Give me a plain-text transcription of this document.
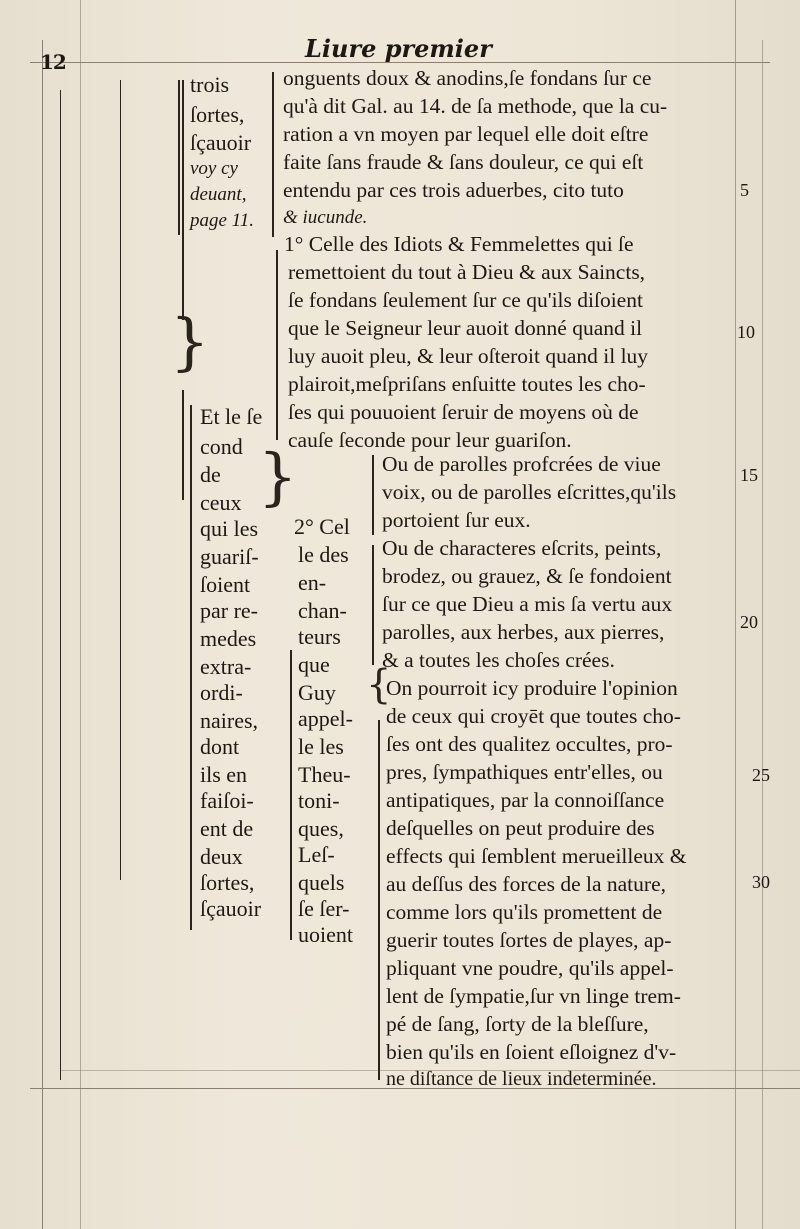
}
12	Liure premier
trois
ſortes,
ſçauoir
voy cy
deuant,
page 11.
onguents doux & anodins,ſe fondans ſur ce
qu'à dit Gal. au 14. de ſa methode, que la cu-
ration a vn moyen par lequel elle doit eſtre
faite ſans fraude & ſans douleur, ce qui eſt
entendu par ces trois aduerbes, cito tuto
& iucunde.
1° Celle des Idiots & Femmelettes qui ſe
remettoient du tout à Dieu & aux Saincts,
ſe fondans ſeulement ſur ce qu'ils diſoient
que le Seigneur leur auoit donné quand il
luy auoit pleu, & leur oſteroit quand il luy
plairoit,meſpriſans enſuitte toutes les cho-
ſes qui pouuoient ſeruir de moyens où de
cauſe ſeconde pour leur guariſon.
Et le ſe
cond
de
ceux
qui les
guariſ-
ſoient
par re-
medes
extra-
ordi-
naires,
dont
ils en
faiſoi-
ent de
deux
ſortes,
ſçauoir
}
2° Cel
le des
en-
chan-
teurs
que
Guy
appel-
le les
Theu-
toni-
ques,
Leſ-
quels
ſe ſer-
uoient
{
Ou de parolles profcrées de viue
voix, ou de parolles eſcrittes,qu'ils
portoient ſur eux.
Ou de characteres eſcrits, peints,
brodez, ou grauez, & ſe fondoient
ſur ce que Dieu a mis ſa vertu aux
parolles, aux herbes, aux pierres,
& a toutes les choſes crées.
On pourroit icy produire l'opinion
de ceux qui croyēt que toutes cho-
ſes ont des qualitez occultes, pro-
pres, ſympathiques entr'elles, ou
antipatiques, par la connoiſſance
deſquelles on peut produire des
effects qui ſemblent merueilleux &
au deſſus des forces de la nature,
comme lors qu'ils promettent de
guerir toutes ſortes de playes, ap-
pliquant vne poudre, qu'ils appel-
lent de ſympatie,ſur vn linge trem-
pé de ſang, ſorty de la bleſſure,
bien qu'ils en ſoient eſloignez d'v-
ne diſtance de lieux indeterminée.
5
10
15
20
25
30
